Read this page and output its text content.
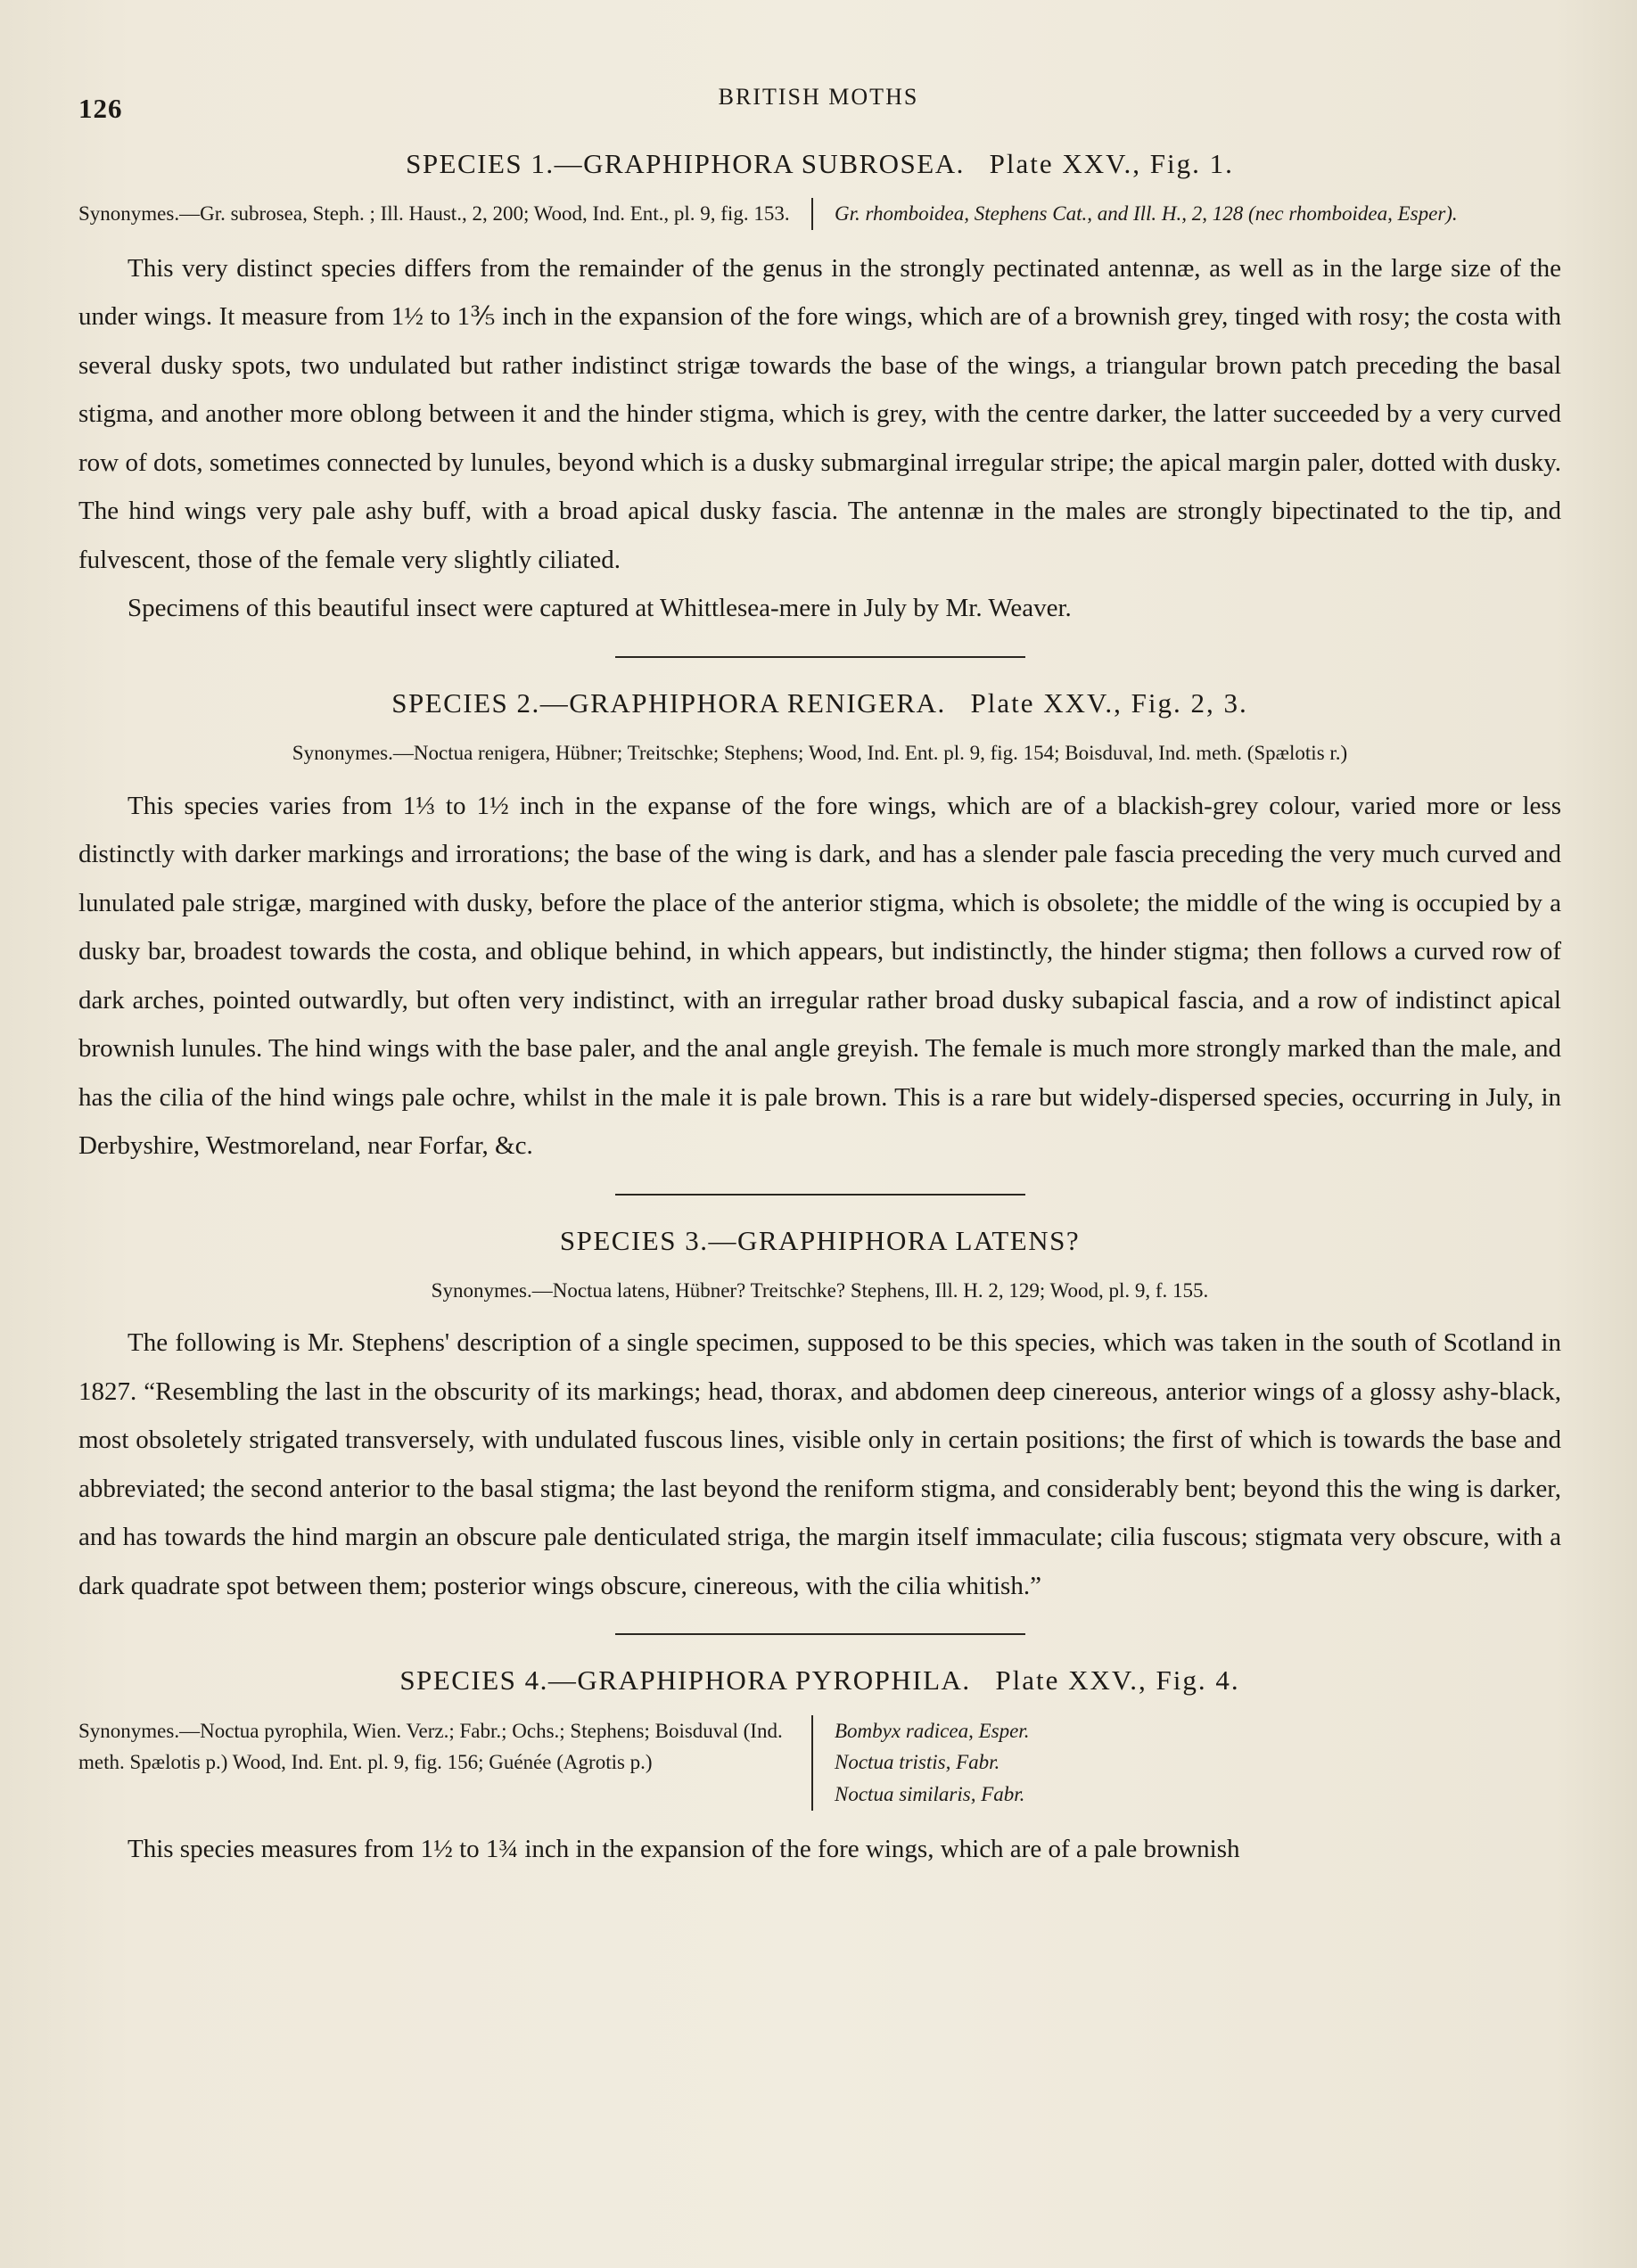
126	BRITISH MOTHS
SPECIES 1.—GRAPHIPHORA SUBROSEA. Plate XXV., Fig. 1.
Synonymes.—Gr. subrosea, Steph. ; Ill. Haust., 2, 200; Wood, Ind. Ent., pl. 9, fig. 153.	Gr. rhomboidea, Stephens Cat., and Ill. H., 2, 128 (nec rhomboidea, Esper).

This very distinct species differs from the remainder of the genus in the strongly pectinated antennæ, as well as in the large size of the under wings. It measure from 1½ to 1⅗ inch in the expansion of the fore wings, which are of a brownish grey, tinged with rosy; the costa with several dusky spots, two undulated but rather indistinct strigæ towards the base of the wings, a triangular brown patch preceding the basal stigma, and another more oblong between it and the hinder stigma, which is grey, with the centre darker, the latter succeeded by a very curved row of dots, sometimes connected by lunules, beyond which is a dusky submarginal irregular stripe; the apical margin paler, dotted with dusky. The hind wings very pale ashy buff, with a broad apical dusky fascia. The antennæ in the males are strongly bipectinated to the tip, and fulvescent, those of the female very slightly ciliated.

Specimens of this beautiful insect were captured at Whittlesea-mere in July by Mr. Weaver.

SPECIES 2.—GRAPHIPHORA RENIGERA. Plate XXV., Fig. 2, 3.
Synonymes.—Noctua renigera, Hübner; Treitschke; Stephens; Wood, Ind. Ent. pl. 9, fig. 154; Boisduval, Ind. meth. (Spælotis r.)

This species varies from 1⅓ to 1½ inch in the expanse of the fore wings, which are of a blackish-grey colour, varied more or less distinctly with darker markings and irrorations; the base of the wing is dark, and has a slender pale fascia preceding the very much curved and lunulated pale strigæ, margined with dusky, before the place of the anterior stigma, which is obsolete; the middle of the wing is occupied by a dusky bar, broadest towards the costa, and oblique behind, in which appears, but indistinctly, the hinder stigma; then follows a curved row of dark arches, pointed outwardly, but often very indistinct, with an irregular rather broad dusky subapical fascia, and a row of indistinct apical brownish lunules. The hind wings with the base paler, and the anal angle greyish. The female is much more strongly marked than the male, and has the cilia of the hind wings pale ochre, whilst in the male it is pale brown. This is a rare but widely-dispersed species, occurring in July, in Derbyshire, Westmoreland, near Forfar, &c.

SPECIES 3.—GRAPHIPHORA LATENS?
Synonymes.—Noctua latens, Hübner? Treitschke? Stephens, Ill. H. 2, 129; Wood, pl. 9, f. 155.

The following is Mr. Stephens' description of a single specimen, supposed to be this species, which was taken in the south of Scotland in 1827. “Resembling the last in the obscurity of its markings; head, thorax, and abdomen deep cinereous, anterior wings of a glossy ashy-black, most obsoletely strigated transversely, with undulated fuscous lines, visible only in certain positions; the first of which is towards the base and abbreviated; the second anterior to the basal stigma; the last beyond the reniform stigma, and considerably bent; beyond this the wing is darker, and has towards the hind margin an obscure pale denticulated striga, the margin itself immaculate; cilia fuscous; stigmata very obscure, with a dark quadrate spot between them; posterior wings obscure, cinereous, with the cilia whitish.”

SPECIES 4.—GRAPHIPHORA PYROPHILA. Plate XXV., Fig. 4.
Synonymes.—Noctua pyrophila, Wien. Verz.; Fabr.; Ochs.; Stephens; Boisduval (Ind. meth. Spælotis p.) Wood, Ind. Ent. pl. 9, fig. 156; Guénée (Agrotis p.)
Bombyx radicea, Esper.
Noctua tristis, Fabr.
Noctua similaris, Fabr.

This species measures from 1½ to 1¾ inch in the expansion of the fore wings, which are of a pale brownish
